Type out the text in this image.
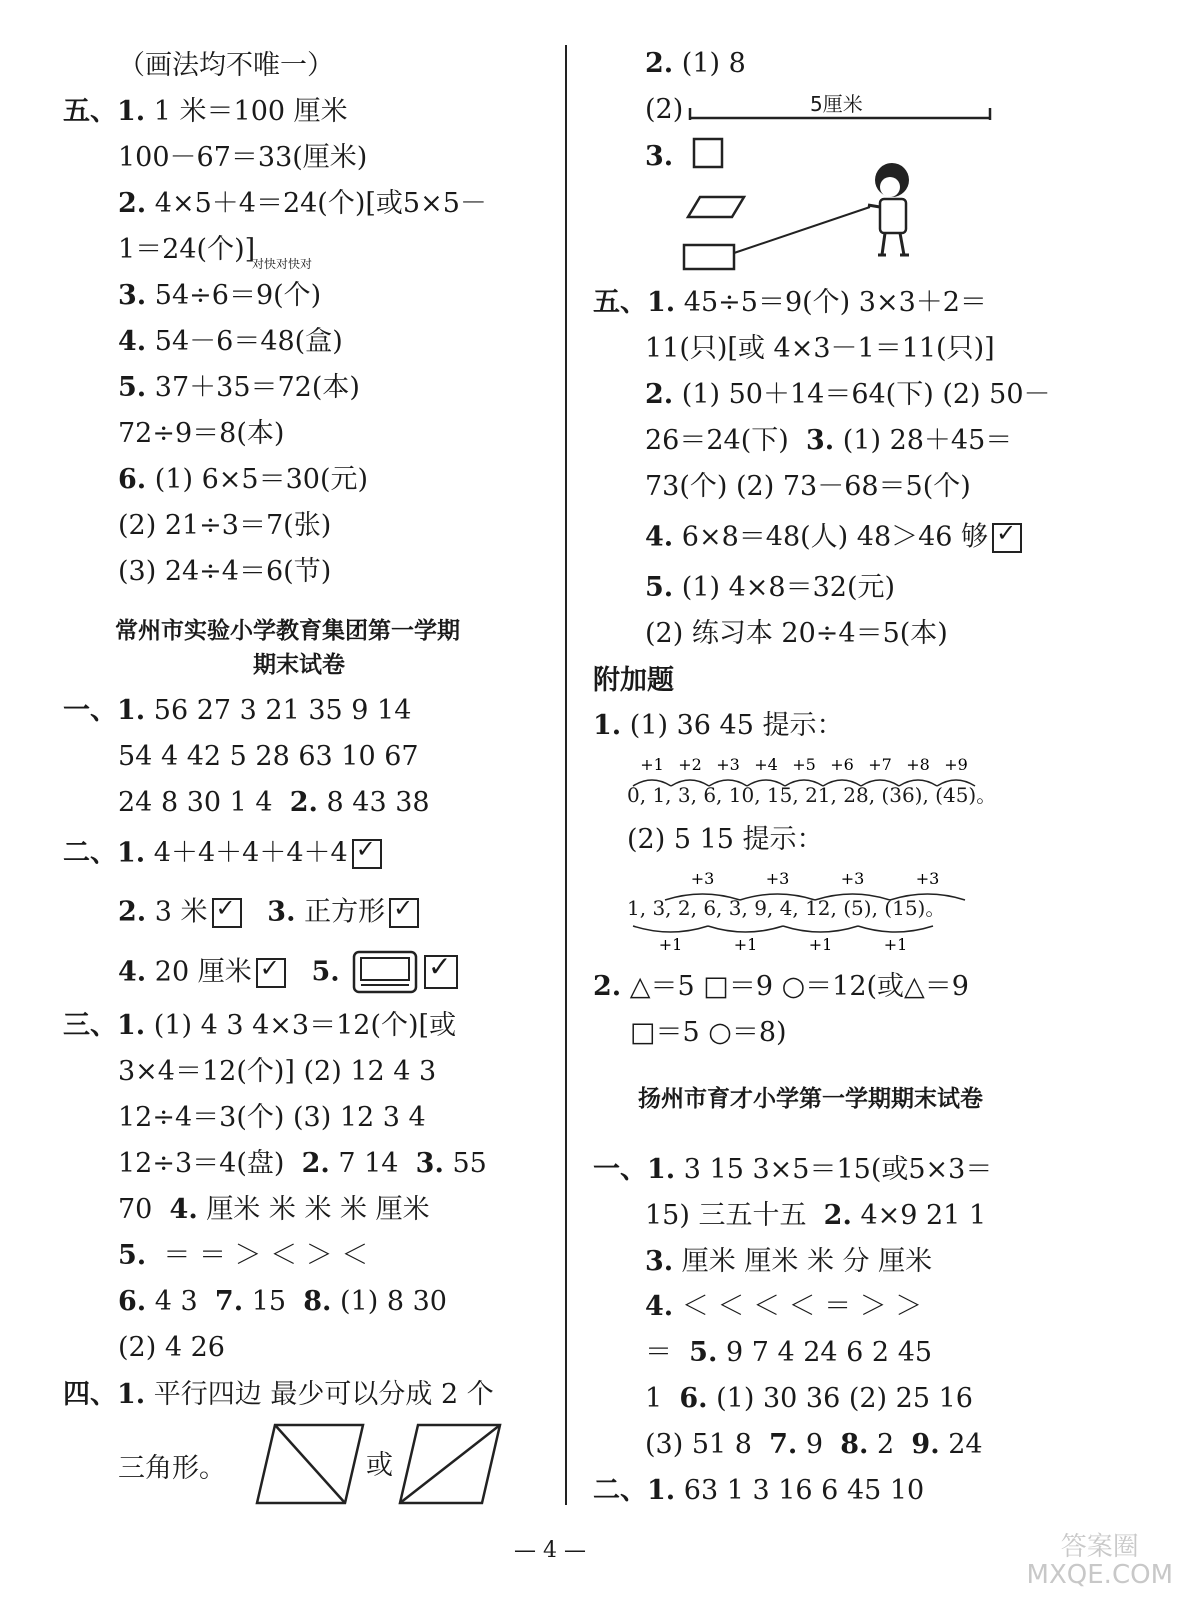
（画法均不唯一）
五、1. 1 米＝100 厘米
100－67＝33(厘米)
2. 4×5＋4＝24(个)[或5×5－
1＝24(个)]
对快对快对
3. 54÷6＝9(个)
4. 54－6＝48(盒)
5. 37＋35＝72(本)
72÷9＝8(本)
6. (1) 6×5＝30(元)
(2) 21÷3＝7(张)
(3) 24÷4＝6(节)
常州市实验小学教育集团第一学期
期末试卷
一、1. 56 27 3 21 35 9 14
54 4 42 5 28 63 10 67
24 8 30 1 4 2. 8 43 38
二、1. 4＋4＋4＋4＋4 ✓
2. 3 米 ✓ 3. 正方形 ✓
4. 20 厘米 ✓ 5.	✓
三、1. (1) 4 3 4×3＝12(个)[或
3×4＝12(个)] (2) 12 4 3
12÷4＝3(个) (3) 12 3 4
12÷3＝4(盘) 2. 7 14 3. 55
70 4. 厘米 米 米 米 厘米
5. ＝ ＝ ＞ ＜ ＞ ＜
6. 4 3 7. 15 8. (1) 8 30
(2) 4 26
四、1. 平行四边 最少可以分成 2 个
三角形。	或
2. (1) 8
(2)	5厘米
3.
五、1. 45÷5＝9(个) 3×3＋2＝
11(只)[或 4×3－1＝11(只)]
2. (1) 50＋14＝64(下) (2) 50－
26＝24(下) 3. (1) 28＋45＝
73(个) (2) 73－68＝5(个)
4. 6×8＝48(人) 48＞46 够 ✓
5. (1) 4×8＝32(元)
(2) 练习本 20÷4＝5(本)
附加题
1. (1) 36 45 提示：
+1 +2 +3 +4 +5 +6 +7 +8 +9
0, 1, 3, 6, 10, 15, 21, 28, (36), (45)。
(2) 5 15 提示：
+3	+3	+3	+3
+1	+1	+1	+1
1, 3, 2, 6, 3, 9, 4, 12, (5), (15)。
2. △＝5 □＝9 ○＝12(或△＝9
□＝5 ○＝8)
扬州市育才小学第一学期期末试卷
一、1. 3 15 3×5＝15(或5×3＝
15) 三五十五 2. 4×9 21 1
3. 厘米 厘米 米 分 厘米
4. ＜ ＜ ＜ ＜ ＝ ＞ ＞
＝ 5. 9 7 4 24 6 2 45
1 6. (1) 30 36 (2) 25 16
(3) 51 8 7. 9 8. 2 9. 24
二、1. 63 1 3 16 6 45 10
— 4 —	答案圈
MXQE.COM
